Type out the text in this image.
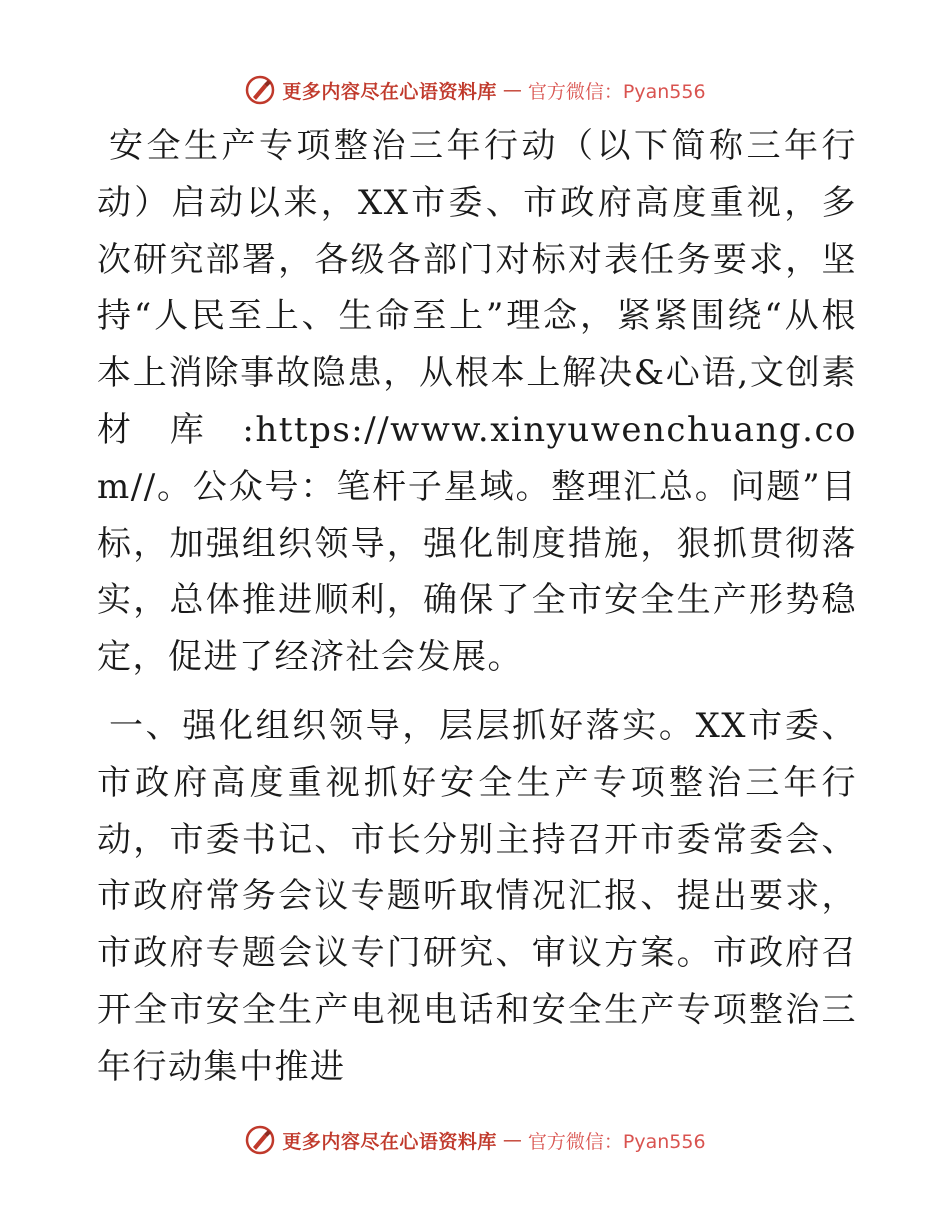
更多内容尽在心语资料库 — 官方微信：Pyan556

安全生产专项整治三年行动（以下简称三年行动）启动以来，XX市委、市政府高度重视，多次研究部署，各级各部门对标对表任务要求，坚持“人民至上、生命至上”理念，紧紧围绕“从根本上消除事故隐患，从根本上解决&心语,文创素材库:https://www.xinyuwenchuang.com//。公众号：笔杆子星域。整理汇总。问题”目标，加强组织领导，强化制度措施，狠抓贯彻落实，总体推进顺利，确保了全市安全生产形势稳定，促进了经济社会发展。

一、强化组织领导，层层抓好落实。XX市委、市政府高度重视抓好安全生产专项整治三年行动，市委书记、市长分别主持召开市委常委会、市政府常务会议专题听取情况汇报、提出要求，市政府专题会议专门研究、审议方案。市政府召开全市安全生产电视电话和安全生产专项整治三年行动集中推进

更多内容尽在心语资料库 — 官方微信：Pyan556
